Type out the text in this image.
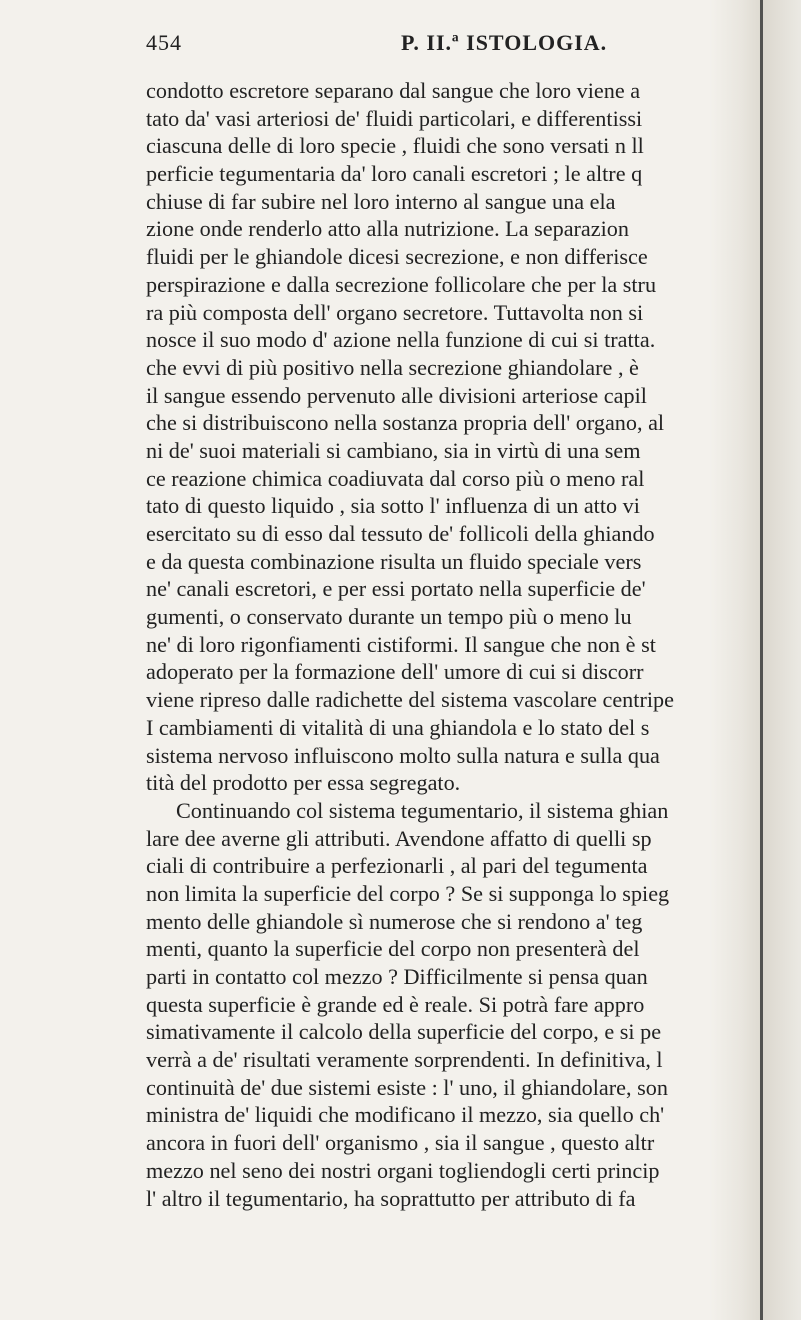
454	P. II.ª ISTOLOGIA.
condotto escretore separano dal sangue che loro viene a
tato da' vasi arteriosi de' fluidi particolari, e differentissi
ciascuna delle di loro specie , fluidi che sono versati n ll
perficie tegumentaria da' loro canali escretori ; le altre q
chiuse di far subire nel loro interno al sangue una ela
zione onde renderlo atto alla nutrizione. La separazion
fluidi per le ghiandole dicesi secrezione, e non differisce
perspirazione e dalla secrezione follicolare che per la stru
ra più composta dell' organo secretore. Tuttavolta non si
nosce il suo modo d' azione nella funzione di cui si tratta.
che evvi di più positivo nella secrezione ghiandolare , è
il sangue essendo pervenuto alle divisioni arteriose capil
che si distribuiscono nella sostanza propria dell' organo, al
ni de' suoi materiali si cambiano, sia in virtù di una sem
ce reazione chimica coadiuvata dal corso più o meno ral
tato di questo liquido , sia sotto l' influenza di un atto vi
esercitato su di esso dal tessuto de' follicoli della ghiando
e da questa combinazione risulta un fluido speciale vers
ne' canali escretori, e per essi portato nella superficie de'
gumenti, o conservato durante un tempo più o meno lu
ne' di loro rigonfiamenti cistiformi. Il sangue che non è st
adoperato per la formazione dell' umore di cui si discorr
viene ripreso dalle radichette del sistema vascolare centripe
I cambiamenti di vitalità di una ghiandola e lo stato del s
sistema nervoso influiscono molto sulla natura e sulla qua
tità del prodotto per essa segregato.
Continuando col sistema tegumentario, il sistema ghian
lare dee averne gli attributi. Avendone affatto di quelli sp
ciali di contribuire a perfezionarli , al pari del tegumenta
non limita la superficie del corpo ? Se si supponga lo spieg
mento delle ghiandole sì numerose che si rendono a' teg
menti, quanto la superficie del corpo non presenterà del
parti in contatto col mezzo ? Difficilmente si pensa quan
questa superficie è grande ed è reale. Si potrà fare appro
simativamente il calcolo della superficie del corpo, e si pe
verrà a de' risultati veramente sorprendenti. In definitiva, l
continuità de' due sistemi esiste : l' uno, il ghiandolare, son
ministra de' liquidi che modificano il mezzo, sia quello ch'
ancora in fuori dell' organismo , sia il sangue , questo altr
mezzo nel seno dei nostri organi togliendogli certi princip
l' altro il tegumentario, ha soprattutto per attributo di fa
